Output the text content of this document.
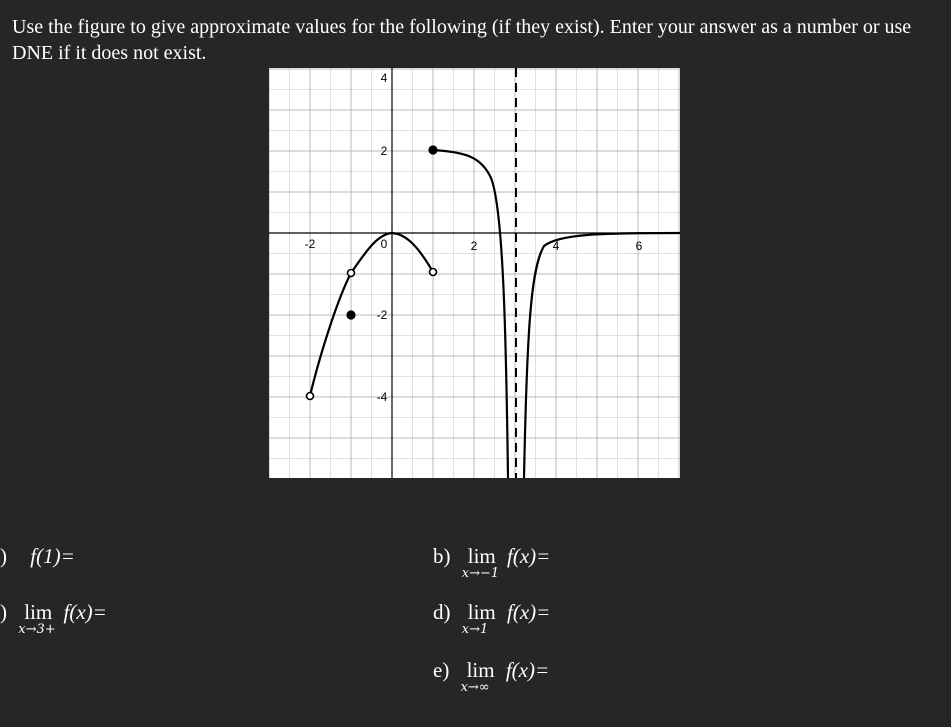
Use the figure to give approximate values for the following (if they exist). Enter your answer as a number or use DNE if it does not exist.
-2	0	2	4	6
4
2
-2
-4
) f(1)=	b) lim
x→−1
f(x)=
) lim
x→3+
f(x)=	d) lim
x→1
f(x)=
e) lim
x→∞
f(x)=
